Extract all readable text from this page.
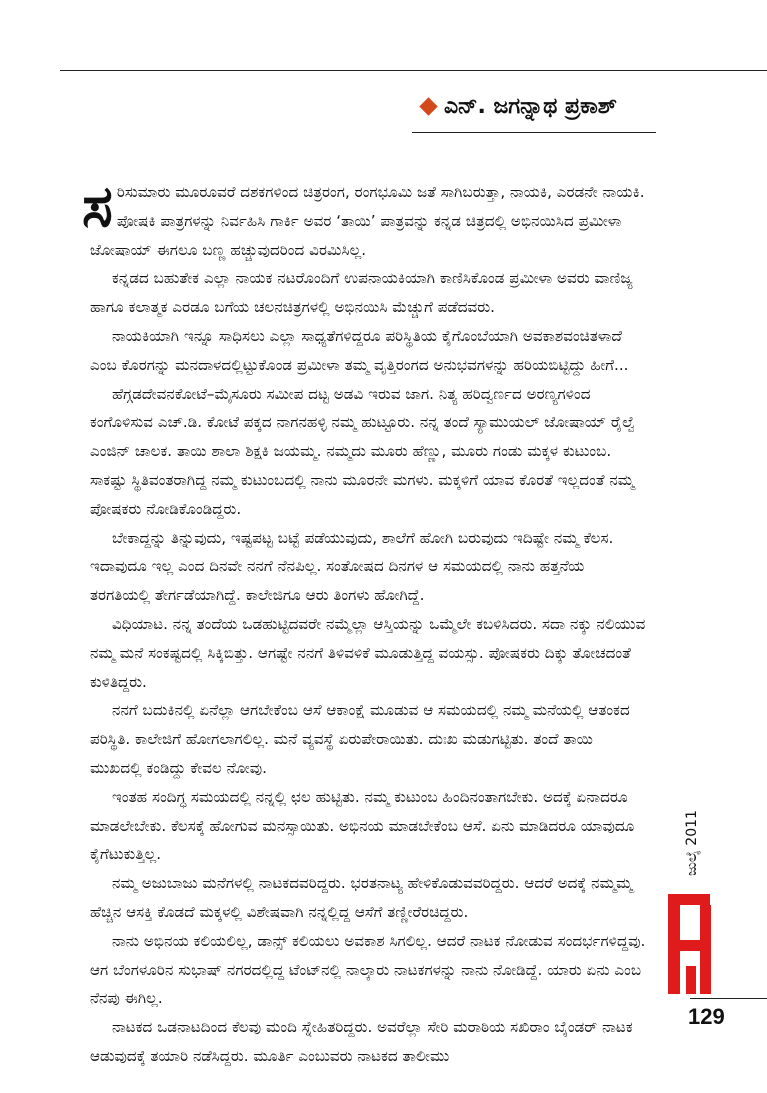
ಎನ್. ಜಗನ್ನಾಥ ಪ್ರಕಾಶ್

ಸರಿಸುಮಾರು ಮೂರೂವರೆ ದಶಕಗಳಿಂದ ಚಿತ್ರರಂಗ, ರಂಗಭೂಮಿ ಜತೆ ಸಾಗಿಬರುತ್ತಾ, ನಾಯಕಿ, ಎರಡನೇ ನಾಯಕಿ. ಪೋಷಕಿ ಪಾತ್ರಗಳನ್ನು ನಿರ್ವಹಿಸಿ ಗಾರ್ಕಿ ಅವರ ‘ತಾಯಿ’ ಪಾತ್ರವನ್ನು ಕನ್ನಡ ಚಿತ್ರದಲ್ಲಿ ಅಭಿನಯಿಸಿದ ಪ್ರಮೀಳಾ ಜೋಷಾಯ್ ಈಗಲೂ ಬಣ್ಣ ಹಚ್ಚುವುದರಿಂದ ವಿರಮಿಸಿಲ್ಲ.

ಕನ್ನಡದ ಬಹುತೇಕ ಎಲ್ಲಾ ನಾಯಕ ನಟರೊಂದಿಗೆ ಉಪನಾಯಕಿಯಾಗಿ ಕಾಣಿಸಿಕೊಂಡ ಪ್ರಮೀಳಾ ಅವರು ವಾಣಿಜ್ಯ ಹಾಗೂ ಕಲಾತ್ಮಕ ಎರಡೂ ಬಗೆಯ ಚಲನಚಿತ್ರಗಳಲ್ಲಿ ಅಭಿನಯಿಸಿ ಮೆಚ್ಚುಗೆ ಪಡೆದವರು.

ನಾಯಕಿಯಾಗಿ ಇನ್ನೂ ಸಾಧಿಸಲು ಎಲ್ಲಾ ಸಾಧ್ಯತೆಗಳಿದ್ದರೂ ಪರಿಸ್ಥಿತಿಯ ಕೈಗೊಂಬೆಯಾಗಿ ಅವಕಾಶವಂಚಿತಳಾದೆ ಎಂಬ ಕೊರಗನ್ನು ಮನದಾಳದಲ್ಲಿಟ್ಟುಕೊಂಡ ಪ್ರಮೀಳಾ ತಮ್ಮ ವೃತ್ತಿರಂಗದ ಅನುಭವಗಳನ್ನು ಹರಿಯಬಿಟ್ಟಿದ್ದು ಹೀಗೆ...

ಹೆಗ್ಗಡದೇವನಕೋಟೆ–ಮೈಸೂರು ಸಮೀಪ ದಟ್ಟ ಅಡವಿ ಇರುವ ಜಾಗ. ನಿತ್ಯ ಹರಿದ್ವರ್ಣದ ಅರಣ್ಯಗಳಿಂದ ಕಂಗೊಳಿಸುವ ಎಚ್.ಡಿ. ಕೋಟೆ ಪಕ್ಕದ ನಾಗನಹಳ್ಳಿ ನಮ್ಮ ಹುಟ್ಟೂರು. ನನ್ನ ತಂದೆ ಸ್ಯಾಮುಯಲ್ ಜೋಷಾಯ್ ರೈಲ್ವೆ ಎಂಜಿನ್ ಚಾಲಕ. ತಾಯಿ ಶಾಲಾ ಶಿಕ್ಷಕಿ ಜಯಮ್ಮ. ನಮ್ಮದು ಮೂರು ಹೆಣ್ಣು, ಮೂರು ಗಂಡು ಮಕ್ಕಳ ಕುಟುಂಬ. ಸಾಕಷ್ಟು ಸ್ಥಿತಿವಂತರಾಗಿದ್ದ ನಮ್ಮ ಕುಟುಂಬದಲ್ಲಿ ನಾನು ಮೂರನೇ ಮಗಳು. ಮಕ್ಕಳಿಗೆ ಯಾವ ಕೊರತೆ ಇಲ್ಲದಂತೆ ನಮ್ಮ ಪೋಷಕರು ನೋಡಿಕೊಂಡಿದ್ದರು.

ಬೇಕಾದ್ದನ್ನು ತಿನ್ನುವುದು, ಇಷ್ಟಪಟ್ಟ ಬಟ್ಟೆ ಪಡೆಯುವುದು, ಶಾಲೆಗೆ ಹೋಗಿ ಬರುವುದು ಇದಿಷ್ಟೇ ನಮ್ಮ ಕೆಲಸ. ಇದಾವುದೂ ಇಲ್ಲ ಎಂದ ದಿನವೇ ನನಗೆ ನೆನಪಿಲ್ಲ. ಸಂತೋಷದ ದಿನಗಳ ಆ ಸಮಯದಲ್ಲಿ ನಾನು ಹತ್ತನೆಯ ತರಗತಿಯಲ್ಲಿ ತೇರ್ಗಡೆಯಾಗಿದ್ದೆ. ಕಾಲೇಜಿಗೂ ಆರು ತಿಂಗಳು ಹೋಗಿದ್ದೆ.

ವಿಧಿಯಾಟ. ನನ್ನ ತಂದೆಯ ಒಡಹುಟ್ಟಿದವರೇ ನಮ್ಮೆಲ್ಲಾ ಆಸ್ತಿಯನ್ನು ಒಮ್ಮೆಲೇ ಕಬಳಿಸಿದರು. ಸದಾ ನಕ್ಕು ನಲಿಯುವ ನಮ್ಮ ಮನೆ ಸಂಕಷ್ಟದಲ್ಲಿ ಸಿಕ್ಕಿಬಿತ್ತು. ಆಗಷ್ಟೇ ನನಗೆ ತಿಳಿವಳಿಕೆ ಮೂಡುತ್ತಿದ್ದ ವಯಸ್ಸು. ಪೋಷಕರು ದಿಕ್ಕು ತೋಚದಂತೆ ಕುಳಿತಿದ್ದರು.

ನನಗೆ ಬದುಕಿನಲ್ಲಿ ಏನೆಲ್ಲಾ ಆಗಬೇಕೆಂಬ ಆಸೆ ಆಕಾಂಕ್ಷೆ ಮೂಡುವ ಆ ಸಮಯದಲ್ಲಿ ನಮ್ಮ ಮನೆಯಲ್ಲಿ ಆತಂಕದ ಪರಿಸ್ಥಿತಿ. ಕಾಲೇಜಿಗೆ ಹೋಗಲಾಗಲಿಲ್ಲ. ಮನೆ ವ್ಯವಸ್ಥೆ ಏರುಪೇರಾಯಿತು. ದುಃಖ ಮಡುಗಟ್ಟಿತು. ತಂದೆ ತಾಯಿ ಮುಖದಲ್ಲಿ ಕಂಡಿದ್ದು ಕೇವಲ ನೋವು.

ಇಂತಹ ಸಂದಿಗ್ಧ ಸಮಯದಲ್ಲಿ ನನ್ನಲ್ಲಿ ಛಲ ಹುಟ್ಟಿತು. ನಮ್ಮ ಕುಟುಂಬ ಹಿಂದಿನಂತಾಗಬೇಕು. ಅದಕ್ಕೆ ಏನಾದರೂ ಮಾಡಲೇಬೇಕು. ಕೆಲಸಕ್ಕೆ ಹೋಗುವ ಮನಸ್ಸಾಯಿತು. ಅಭಿನಯ ಮಾಡಬೇಕೆಂಬ ಆಸೆ. ಏನು ಮಾಡಿದರೂ ಯಾವುದೂ ಕೈಗೆಟುಕುತ್ತಿಲ್ಲ.

ನಮ್ಮ ಅಜುಬಾಜು ಮನೆಗಳಲ್ಲಿ ನಾಟಕದವರಿದ್ದರು. ಭರತನಾಟ್ಯ ಹೇಳಿಕೊಡುವವರಿದ್ದರು. ಆದರೆ ಅದಕ್ಕೆ ನಮ್ಮಮ್ಮ ಹೆಚ್ಚಿನ ಆಸಕ್ತಿ ಕೊಡದೆ ಮಕ್ಕಳಲ್ಲಿ ವಿಶೇಷವಾಗಿ ನನ್ನಲ್ಲಿದ್ದ ಆಸೆಗೆ ತಣ್ಣೀರೆರಚಿದ್ದರು.

ನಾನು ಅಭಿನಯ ಕಲಿಯಲಿಲ್ಲ, ಡಾನ್ಸ್ ಕಲಿಯಲು ಅವಕಾಶ ಸಿಗಲಿಲ್ಲ. ಆದರೆ ನಾಟಕ ನೋಡುವ ಸಂದರ್ಭಗಳಿದ್ದವು. ಆಗ ಬೆಂಗಳೂರಿನ ಸುಭಾಷ್ ನಗರದಲ್ಲಿದ್ದ ಟೆಂಟ್‌ನಲ್ಲಿ ನಾಲ್ಕಾರು ನಾಟಕಗಳನ್ನು ನಾನು ನೋಡಿದ್ದೆ. ಯಾರು ಏನು ಎಂಬ ನೆನಪು ಈಗಿಲ್ಲ.

ನಾಟಕದ ಒಡನಾಟದಿಂದ ಕೆಲವು ಮಂದಿ ಸ್ನೇಹಿತರಿದ್ದರು. ಅವರೆಲ್ಲಾ ಸೇರಿ ಮರಾಠಿಯ ಸಖಿರಾಂ ಬೈಂಡರ್ ನಾಟಕ ಆಡುವುದಕ್ಕೆ ತಯಾರಿ ನಡೆಸಿದ್ದರು. ಮೂರ್ತಿ ಎಂಬುವರು ನಾಟಕದ ತಾಲೀಮು

ಜುಲೈ 2011
129
